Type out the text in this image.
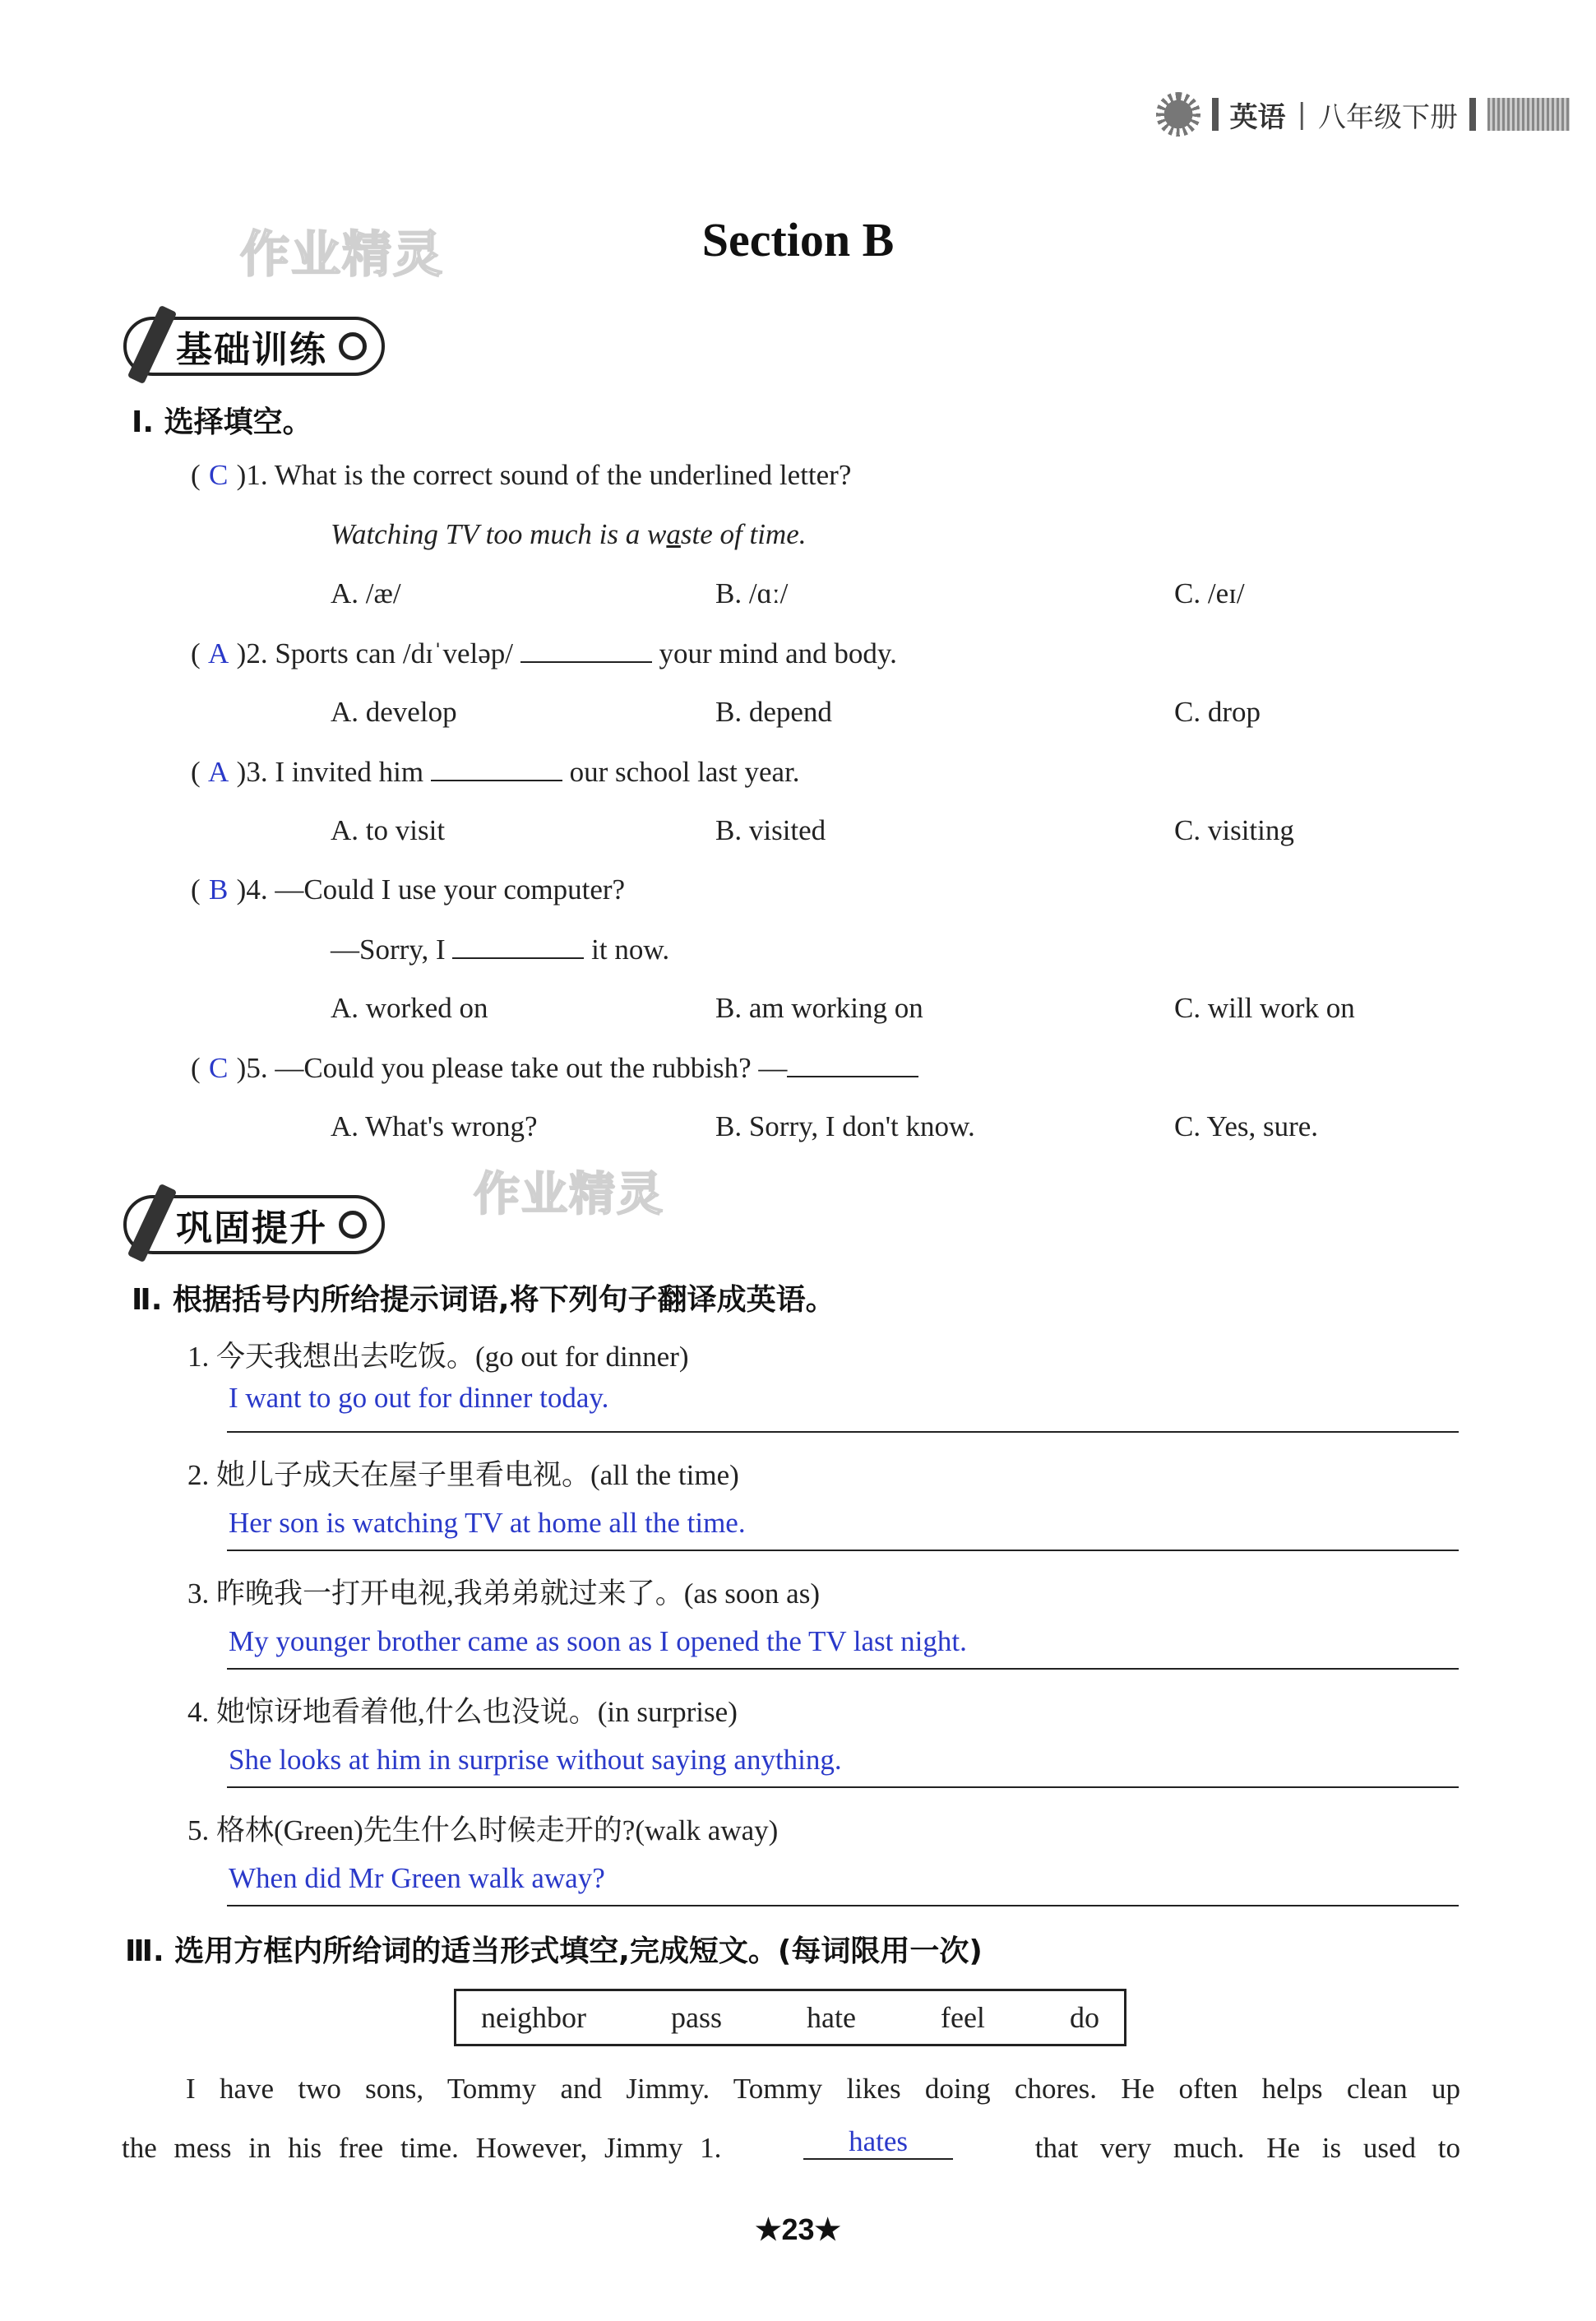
英语 | 八年级下册
作业精灵
作业精灵
Section B
基础训练
Ⅰ. 选择填空。
( C )1. What is the correct sound of the underlined letter?
Watching TV too much is a waste of time.
A. /æ/	B. /ɑː/	C. /eɪ/
( A )2. Sports can /dɪˈveləp/	your mind and body.
A. develop	B. depend	C. drop
( A )3. I invited him	our school last year.
A. to visit	B. visited	C. visiting
( B )4. —Could I use your computer?
—Sorry, I	it now.
A. worked on	B. am working on	C. will work on
( C )5. —Could you please take out the rubbish? —
A. What's wrong?	B. Sorry, I don't know.	C. Yes, sure.
巩固提升
Ⅱ. 根据括号内所给提示词语,将下列句子翻译成英语。
1. 今天我想出去吃饭。(go out for dinner)
I want to go out for dinner today.
2. 她儿子成天在屋子里看电视。(all the time)
Her son is watching TV at home all the time.
3. 昨晚我一打开电视,我弟弟就过来了。(as soon as)
My younger brother came as soon as I opened the TV last night.
4. 她惊讶地看着他,什么也没说。(in surprise)
She looks at him in surprise without saying anything.
5. 格林(Green)先生什么时候走开的?(walk away)
When did Mr Green walk away?
Ⅲ. 选用方框内所给词的适当形式填空,完成短文。(每词限用一次)
neighbor	pass	hate	feel	do
I have two sons, Tommy and Jimmy. Tommy likes doing chores. He often helps clean up
the mess in his free time. However, Jimmy 1.	hates	that very much. He is used to
★23★
